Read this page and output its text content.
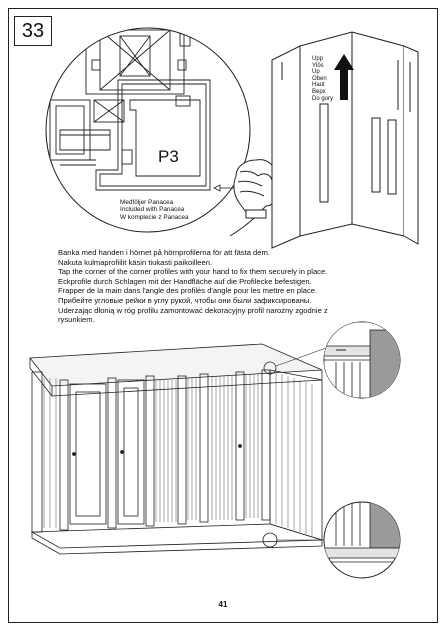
33
P3
Medföljer Panacea
Included with Panacea
W komplecie z Panacea
Upp
Ylös
Up
Oben
Haut
Верх
Do gory
Banka med handen i hörnet på hörnprofilerna för att fästa dem.
Nakuta kulmaprofiilit käsin tiukasti paikoilleen.
Tap the corner of the corner profiles with your hand to fix them securely in place.
Eckprofile durch Schlagen mit der Handfläche auf die Profilecke befestigen.
Frapper de la main dans l'angle des profilés d'angle pour les mettre en place.
Прибейте угловые рейки в углу рукой, чтобы они были зафиксированы.
Uderzając dłonią w róg profilu zamontować dekoracyjny profil narożny zgodnie z rysunkiem.
41
